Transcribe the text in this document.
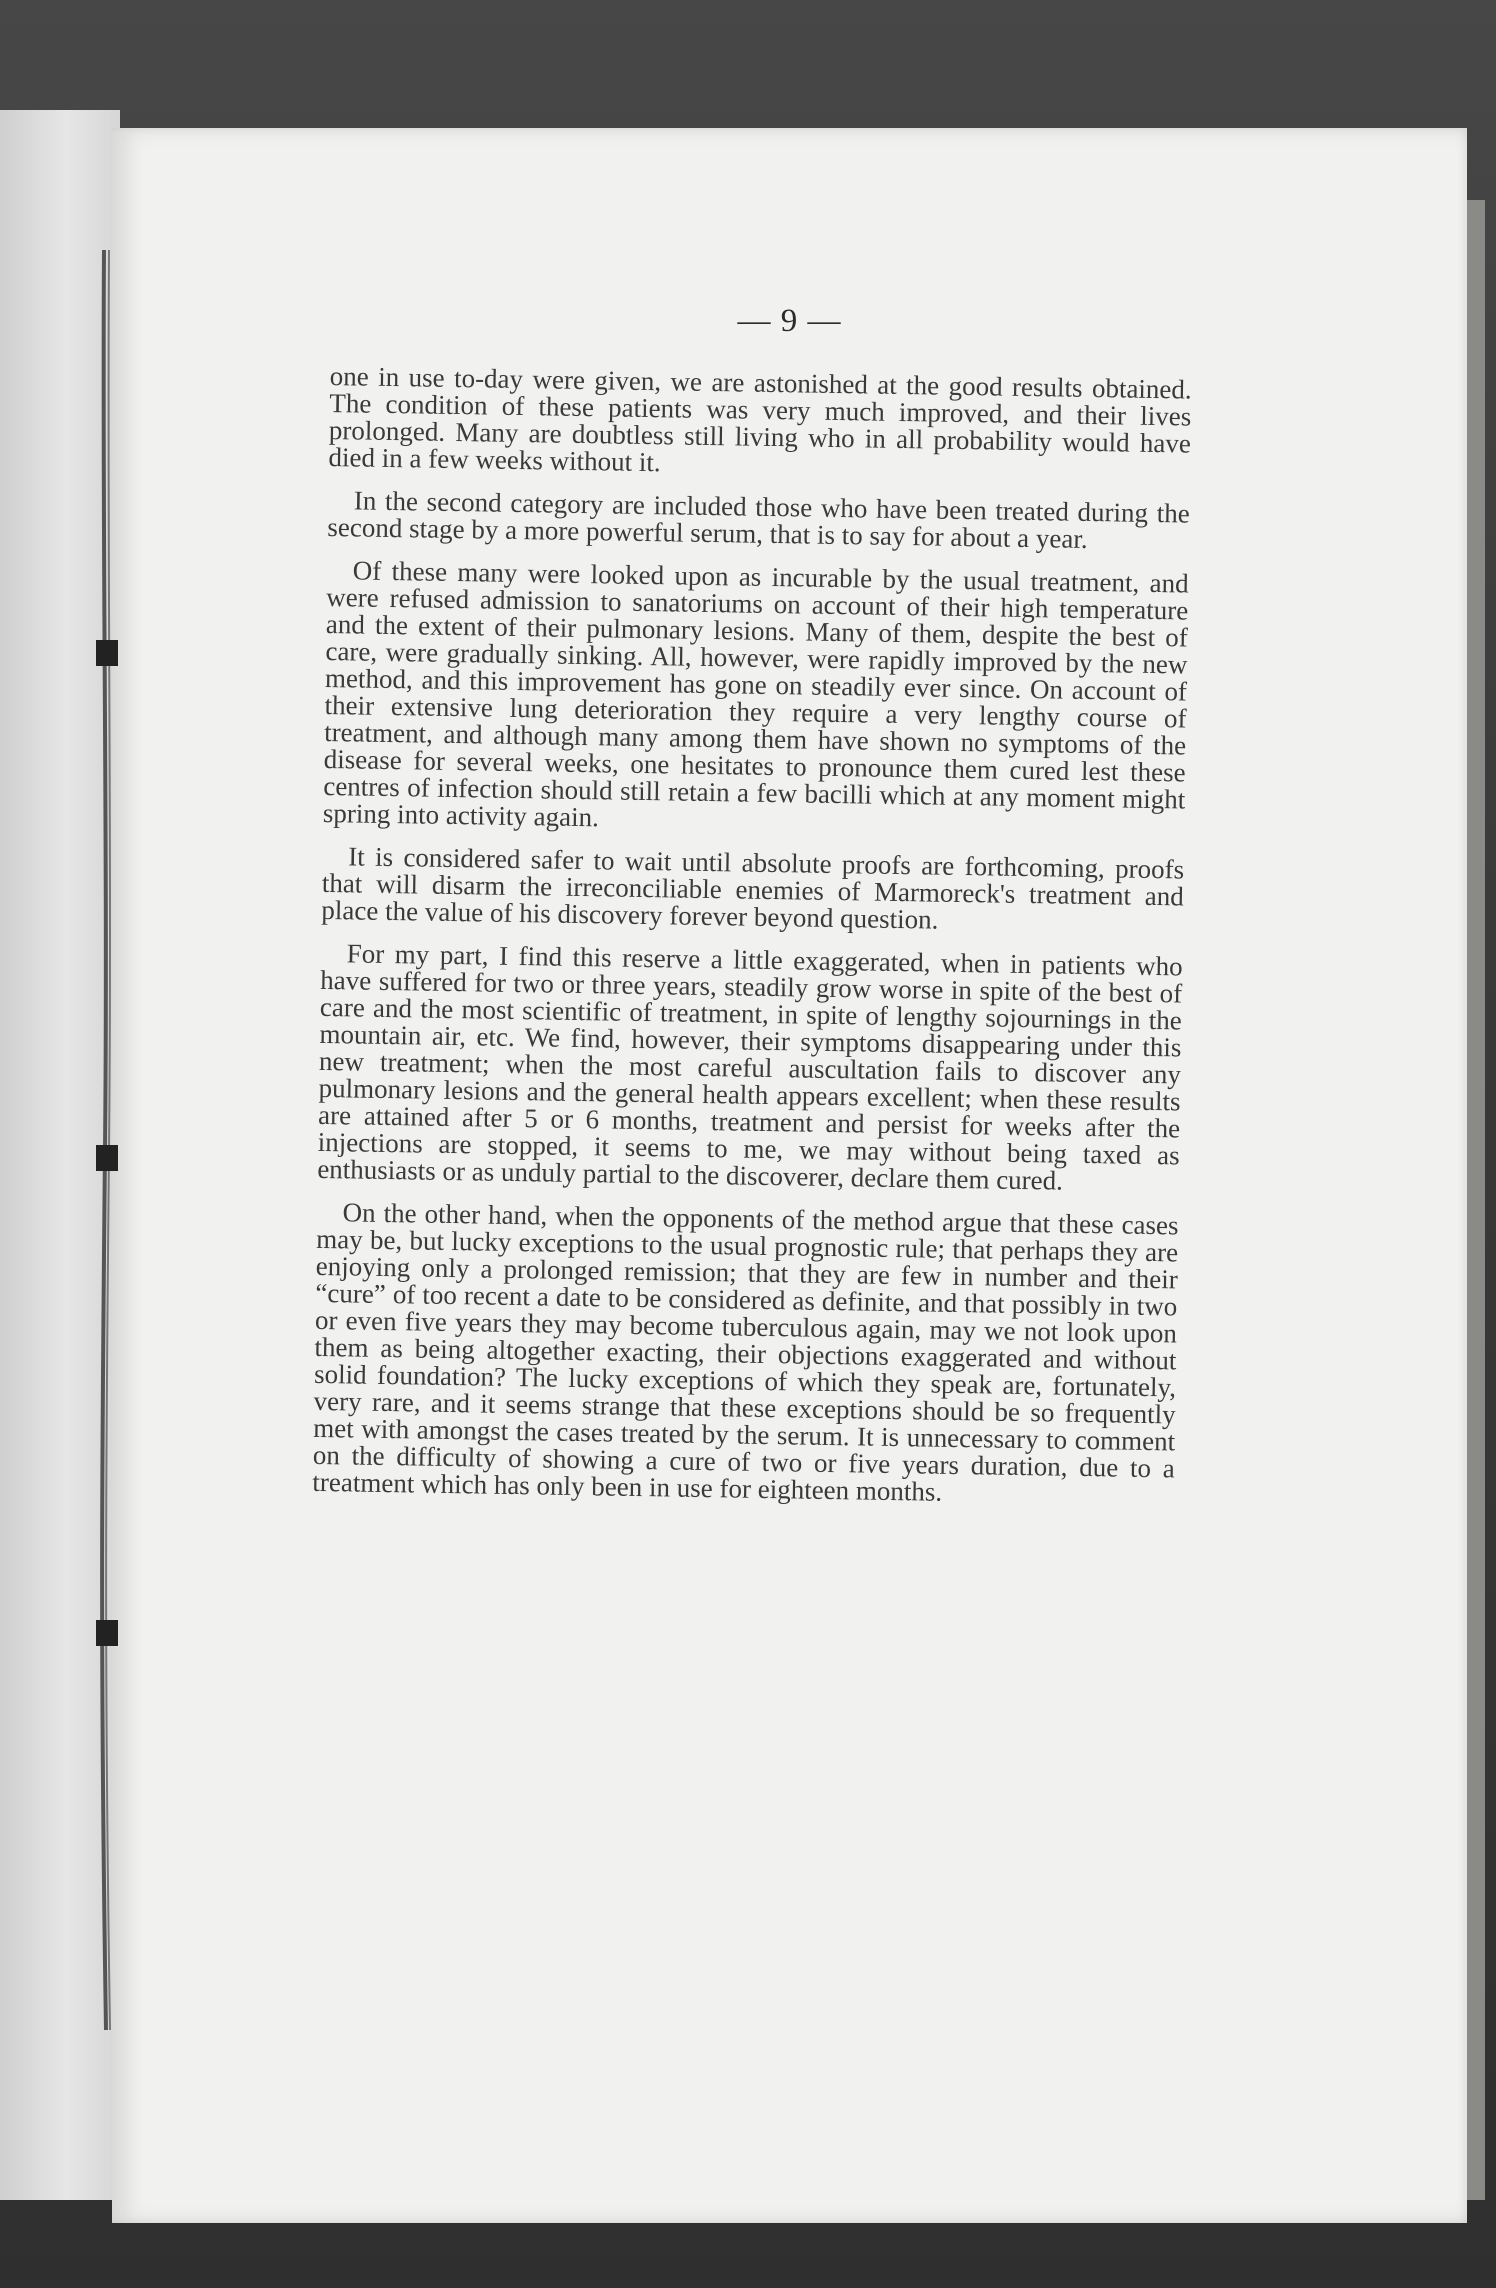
— 9 —

one in use to-day were given, we are astonished at the good results obtained. The condition of these patients was very much improved, and their lives prolonged. Many are doubtless still living who in all probability would have died in a few weeks without it.

In the second category are included those who have been treated during the second stage by a more powerful serum, that is to say for about a year.

Of these many were looked upon as incurable by the usual treatment, and were refused admission to sanatoriums on account of their high temperature and the extent of their pulmonary lesions. Many of them, despite the best of care, were gradually sinking. All, however, were rapidly improved by the new method, and this improvement has gone on steadily ever since. On account of their extensive lung deterioration they require a very lengthy course of treatment, and although many among them have shown no symptoms of the disease for several weeks, one hesitates to pronounce them cured lest these centres of infection should still retain a few bacilli which at any moment might spring into activity again.

It is considered safer to wait until absolute proofs are forthcoming, proofs that will disarm the irreconciliable enemies of Marmoreck's treatment and place the value of his discovery forever beyond question.

For my part, I find this reserve a little exaggerated, when in patients who have suffered for two or three years, steadily grow worse in spite of the best of care and the most scientific of treatment, in spite of lengthy sojournings in the mountain air, etc. We find, however, their symptoms disappearing under this new treatment; when the most careful auscultation fails to discover any pulmonary lesions and the general health appears excellent; when these results are attained after 5 or 6 months, treatment and persist for weeks after the injections are stopped, it seems to me, we may without being taxed as enthusiasts or as unduly partial to the discoverer, declare them cured.

On the other hand, when the opponents of the method argue that these cases may be, but lucky exceptions to the usual prognostic rule; that perhaps they are enjoying only a prolonged remission; that they are few in number and their “cure” of too recent a date to be considered as definite, and that possibly in two or even five years they may become tuberculous again, may we not look upon them as being altogether exacting, their objections exaggerated and without solid foundation? The lucky exceptions of which they speak are, fortunately, very rare, and it seems strange that these exceptions should be so frequently met with amongst the cases treated by the serum. It is unnecessary to comment on the difficulty of showing a cure of two or five years duration, due to a treatment which has only been in use for eighteen months.
